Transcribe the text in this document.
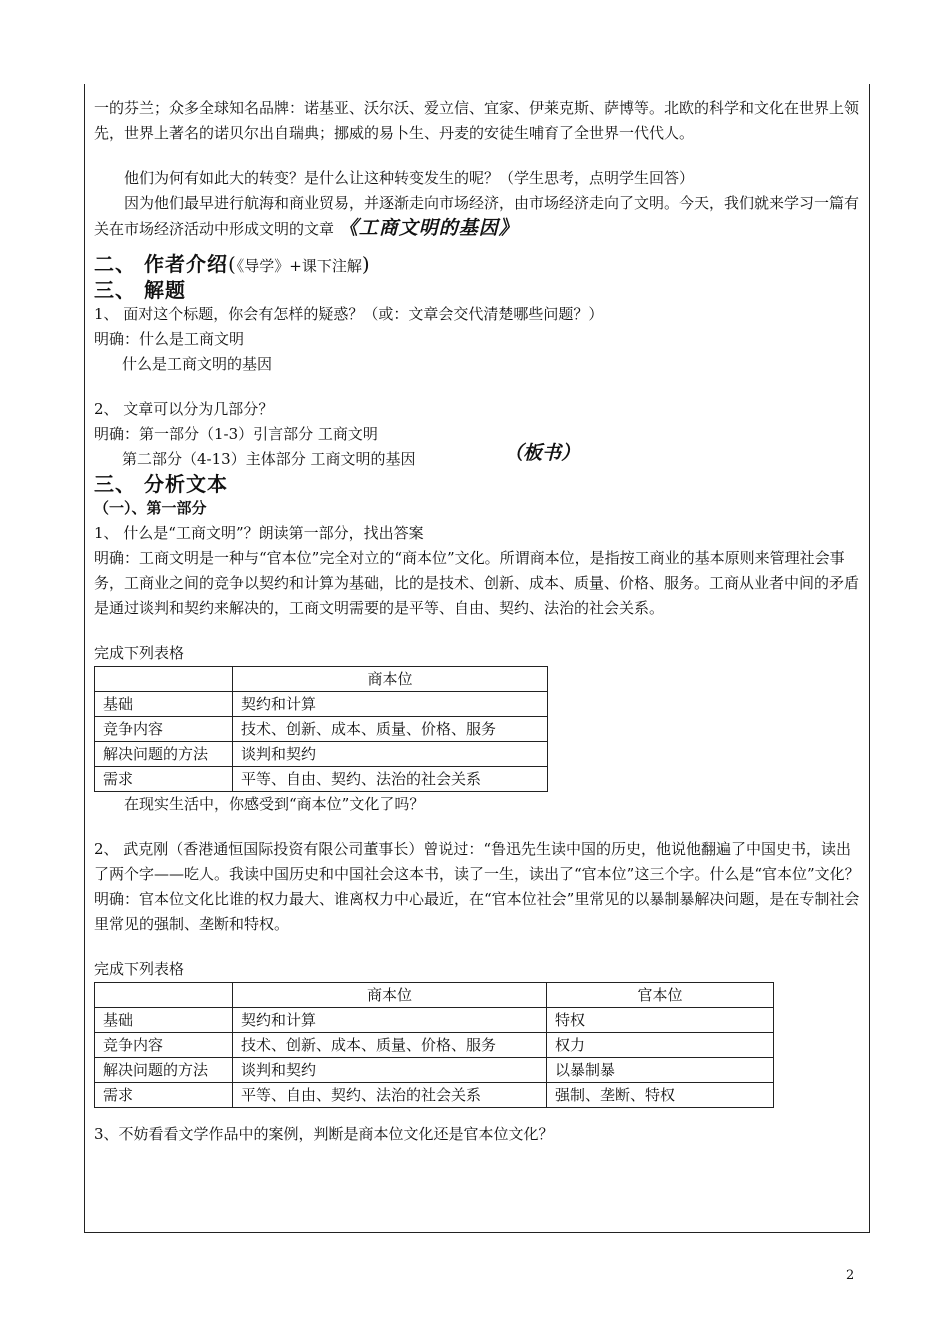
一的芬兰；众多全球知名品牌：诺基亚、沃尔沃、爱立信、宜家、伊莱克斯、萨博等。北欧的科学和文化在世界上领先，世界上著名的诺贝尔出自瑞典；挪威的易卜生、丹麦的安徒生哺育了全世界一代代人。

他们为何有如此大的转变？是什么让这种转变发生的呢？（学生思考，点明学生回答）

因为他们最早进行航海和商业贸易，并逐渐走向市场经济，由市场经济走向了文明。今天，我们就来学习一篇有关在市场经济活动中形成文明的文章 《工商文明的基因》

二、 作者介绍(《导学》+课下注解)

三、 解题

1、 面对这个标题，你会有怎样的疑惑？（或：文章会交代清楚哪些问题？）

明确：什么是工商文明

什么是工商文明的基因

2、 文章可以分为几部分？

明确：第一部分（1-3）引言部分 工商文明

第二部分（4-13）主体部分 工商文明的基因	（板书）

三、 分析文本

（一）、第一部分

1、 什么是“工商文明”？朗读第一部分，找出答案

明确：工商文明是一种与“官本位”完全对立的“商本位”文化。所谓商本位，是指按工商业的基本原则来管理社会事务，工商业之间的竞争以契约和计算为基础，比的是技术、创新、成本、质量、价格、服务。工商从业者中间的矛盾是通过谈判和契约来解决的，工商文明需要的是平等、自由、契约、法治的社会关系。

完成下列表格

	商本位
基础	契约和计算
竞争内容	技术、创新、成本、质量、价格、服务
解决问题的方法	谈判和契约
需求	平等、自由、契约、法治的社会关系

在现实生活中，你感受到“商本位”文化了吗？

2、 武克刚（香港通恒国际投资有限公司董事长）曾说过：“鲁迅先生读中国的历史，他说他翻遍了中国史书，读出了两个字——吃人。我读中国历史和中国社会这本书，读了一生，读出了“官本位”这三个字。什么是“官本位”文化？

明确：官本位文化比谁的权力最大、谁离权力中心最近，在“官本位社会”里常见的以暴制暴解决问题，是在专制社会里常见的强制、垄断和特权。

完成下列表格

	商本位	官本位
基础	契约和计算	特权
竞争内容	技术、创新、成本、质量、价格、服务	权力
解决问题的方法	谈判和契约	以暴制暴
需求	平等、自由、契约、法治的社会关系	强制、垄断、特权

3、不妨看看文学作品中的案例，判断是商本位文化还是官本位文化？

2
